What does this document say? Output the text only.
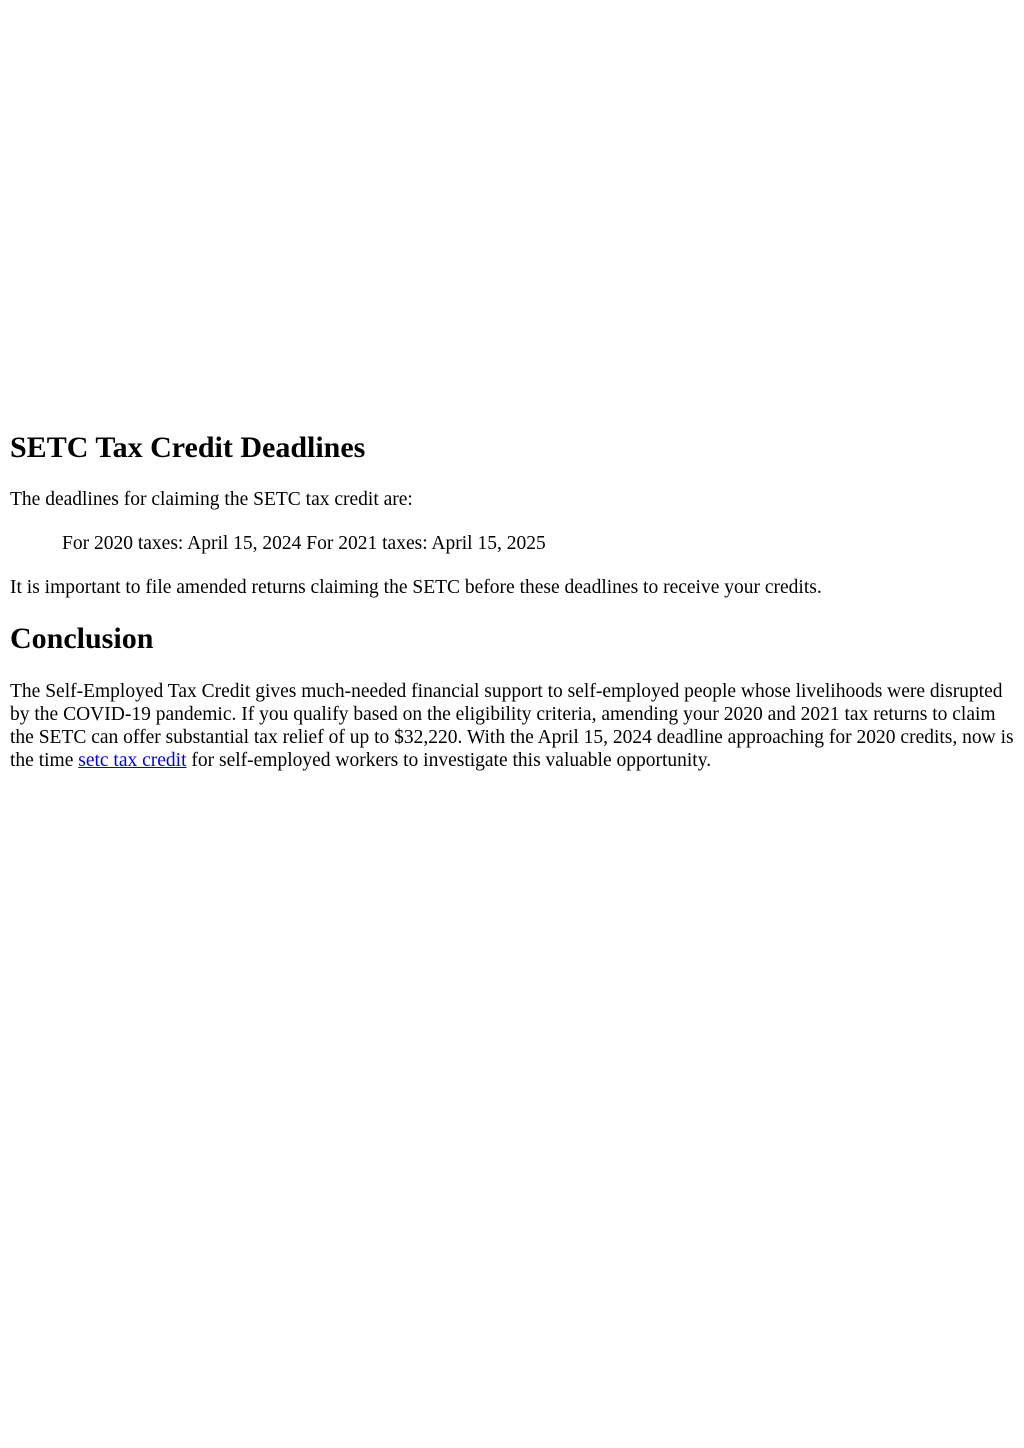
SETC Tax Credit Deadlines

The deadlines for claiming the SETC tax credit are:

For 2020 taxes: April 15, 2024 For 2021 taxes: April 15, 2025

It is important to file amended returns claiming the SETC before these deadlines to receive your credits.

Conclusion

The Self-Employed Tax Credit gives much-needed financial support to self-employed people whose livelihoods were disrupted by the COVID-19 pandemic. If you qualify based on the eligibility criteria, amending your 2020 and 2021 tax returns to claim the SETC can offer substantial tax relief of up to $32,220. With the April 15, 2024 deadline approaching for 2020 credits, now is the time setc tax credit for self-employed workers to investigate this valuable opportunity.
